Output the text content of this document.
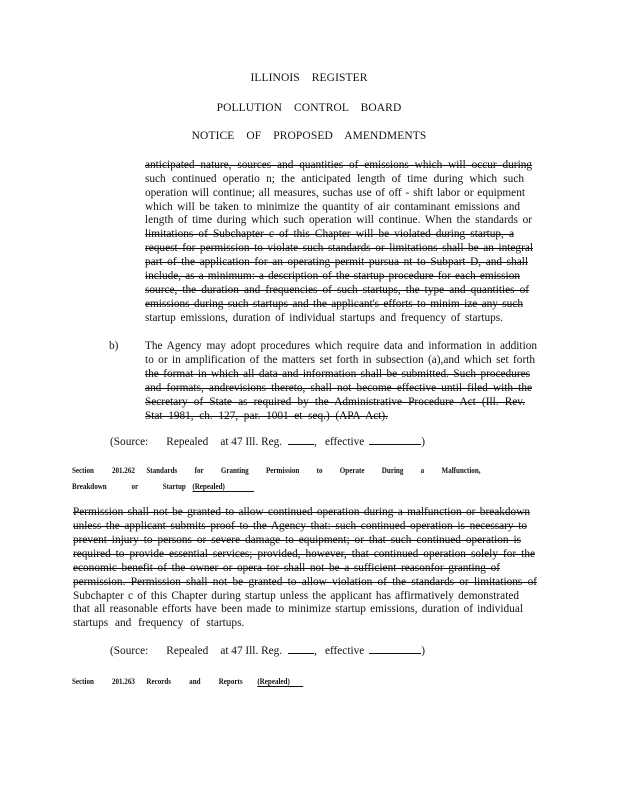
ILLINOIS REGISTER
POLLUTION CONTROL BOARD
NOTICE OF PROPOSED AMENDMENTS
anticipated nature, sources and quantities of emissions which will occur during
such continued operatio n; the anticipated length of time during which such
operation will continue; all measures, suchas use of off - shift labor or equipment
which will be taken to minimize the quantity of air contaminant emissions and
length of time during which such operation will continue. When the standards or
limitations of Subchapter c of this Chapter will be violated during startup, a
request for permission to violate such standards or limitations shall be an integral
part of the application for an operating permit pursua nt to Subpart D, and shall
include, as a minimum: a description of the startup procedure for each emission
source, the duration and frequencies of such startups, the type and quantities of
emissions during such startups and the applicant's efforts to minim ize any such
startup emissions, duration of individual startups and frequency of startups.
b) The Agency may adopt procedures which require data and information in addition
to or in amplification of the matters set forth in subsection (a),and which set forth
the format in which all data and information shall be submitted. Such procedures
and formats, andrevisions thereto, shall not become effective until filed with the
Secretary of State as required by the Administrative Procedure Act (Ill. Rev.
Stat 1981, ch. 127, par. 1001 et seq.) (APA Act).
(Source: Repealed at 47 Ill. Reg.	, effective	)
Section 201.262 Standards for Granting Permission to Operate During a Malfunction,
Breakdown or Startup (Repealed)
Permission shall not be granted to allow continued operation during a malfunction or breakdown
unless the applicant submits proof to the Agency that: such continued operation is necessary to
prevent injury to persons or severe damage to equipment; or that such continued operation is
required to provide essential services; provided, however, that continued operation solely for the
economic benefit of the owner or opera tor shall not be a sufficient reasonfor granting of
permission. Permission shall not be granted to allow violation of the standards or limitations of
Subchapter c of this Chapter during startup unless the applicant has affirmatively demonstrated
that all reasonable efforts have been made to minimize startup emissions, duration of individual
startups and frequency of startups.
(Source: Repealed at 47 Ill. Reg.	, effective	)
Section 201.263 Records and Reports (Repealed)
